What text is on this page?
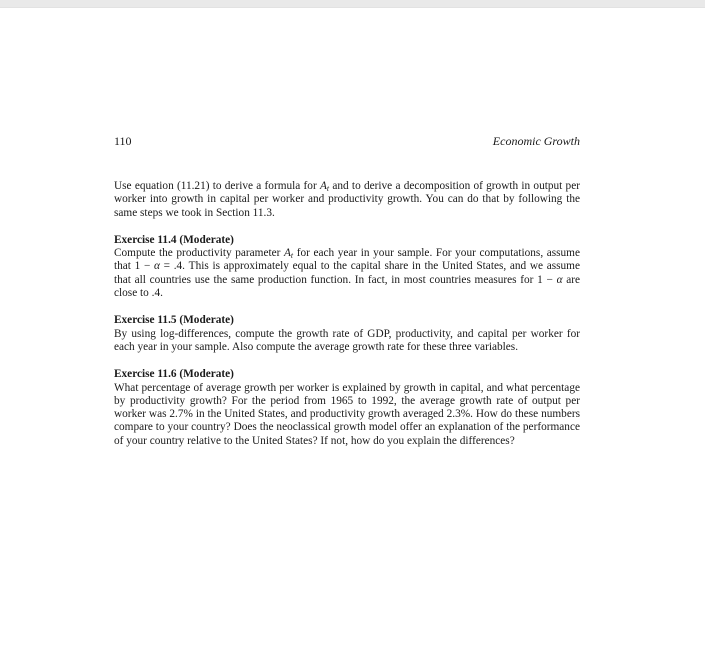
110	Economic Growth

Use equation (11.21) to derive a formula for $A_t$ and to derive a decomposition of growth in output per worker into growth in capital per worker and productivity growth. You can do that by following the same steps we took in Section 11.3.

Exercise 11.4 (Moderate)

Compute the productivity parameter $A_t$ for each year in your sample. For your computations, assume that 1 − α = .4. This is approximately equal to the capital share in the United States, and we assume that all countries use the same production function. In fact, in most countries measures for 1 − α are close to .4.

Exercise 11.5 (Moderate)

By using log-differences, compute the growth rate of GDP, productivity, and capital per worker for each year in your sample. Also compute the average growth rate for these three variables.

Exercise 11.6 (Moderate)

What percentage of average growth per worker is explained by growth in capital, and what percentage by productivity growth? For the period from 1965 to 1992, the average growth rate of output per worker was 2.7% in the United States, and productivity growth averaged 2.3%. How do these numbers compare to your country? Does the neoclassical growth model offer an explanation of the performance of your country relative to the United States? If not, how do you explain the differences?
